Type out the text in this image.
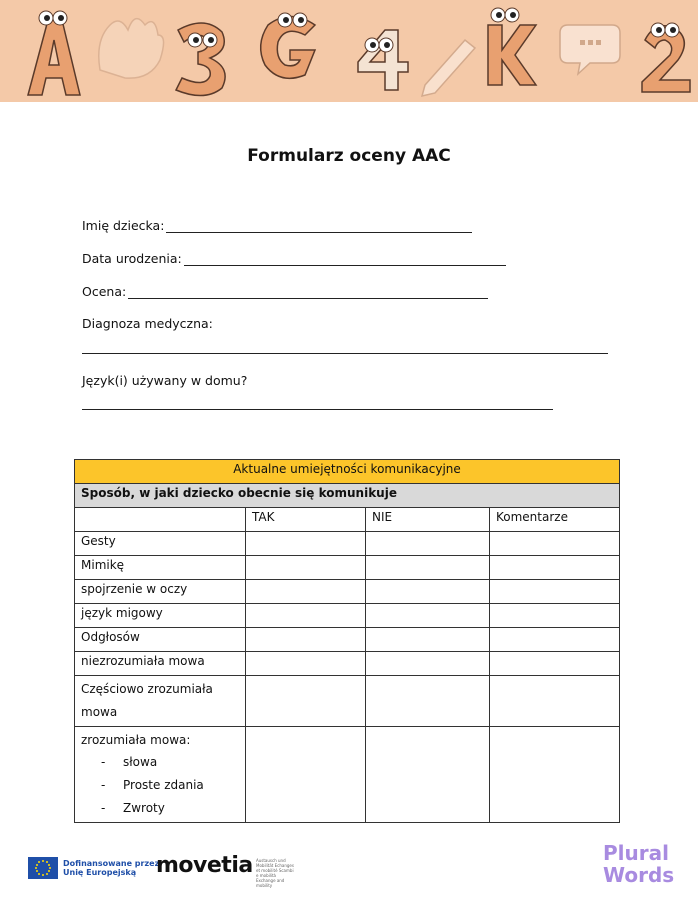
Formularz oceny AAC
Imię dziecka:
Data urodzenia:
Ocena:
Diagnoza medyczna:
Język(i) używany w domu?
Aktualne umiejętności komunikacyjne			
Sposób, w jaki dziecko obecnie się komunikuje			
	TAK	NIE	Komentarze
Gesty			
Mimikę			
spojrzenie w oczy			
język migowy			
Odgłosów			
niezrozumiała mowa			
Częściowo zrozumiała mowa			

zrozumiała mowa:
- słowa
- Proste zdania
- Zwroty			

Dofinansowane przez
Unię Europejską movetia Austausch und Mobilität Echanges et mobilité Scambi e mobilità Exchange and mobility
Plural
Words
